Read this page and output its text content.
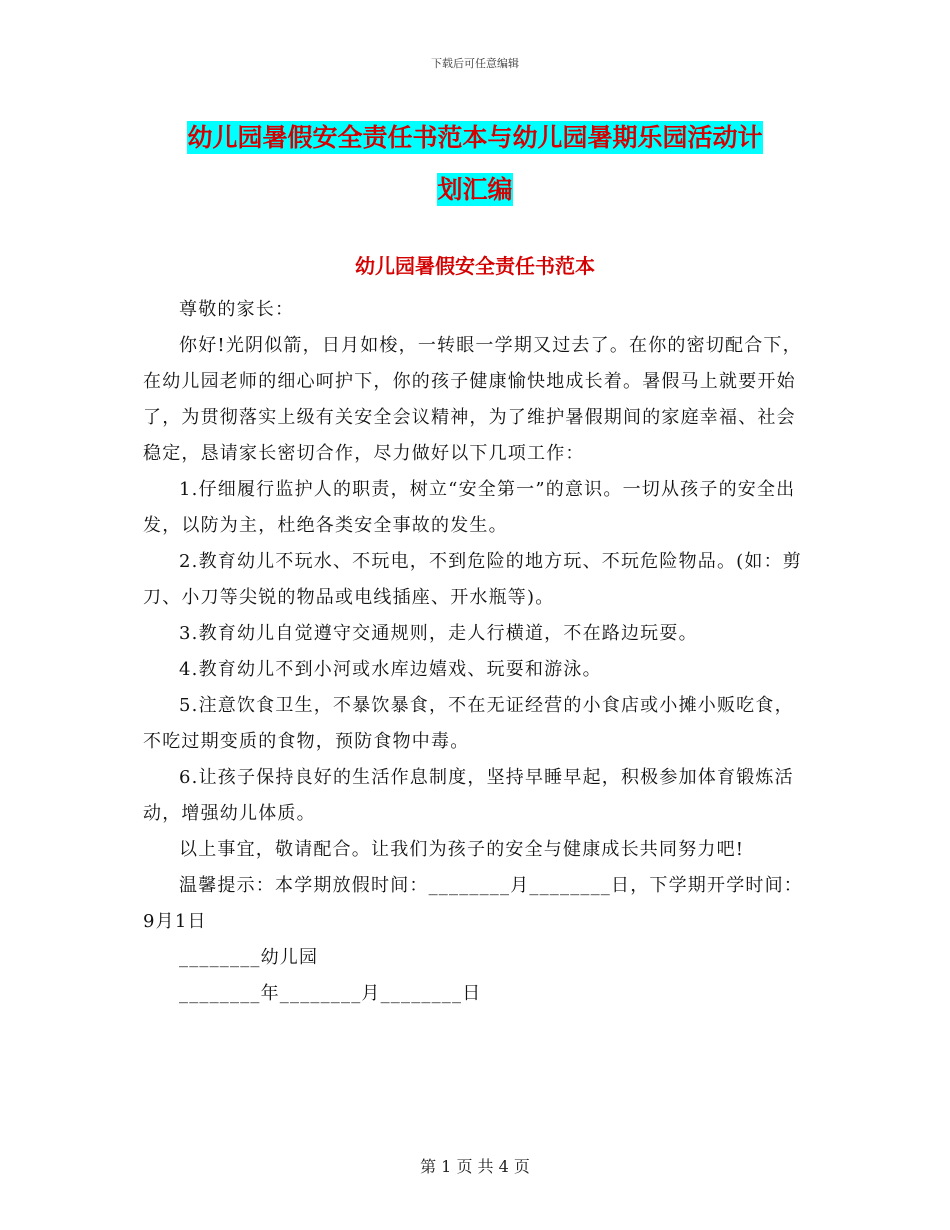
下载后可任意编辑
幼儿园暑假安全责任书范本与幼儿园暑期乐园活动计
划汇编
幼儿园暑假安全责任书范本

尊敬的家长：

你好!光阴似箭，日月如梭，一转眼一学期又过去了。在你的密切配合下，在幼儿园老师的细心呵护下，你的孩子健康愉快地成长着。暑假马上就要开始了，为贯彻落实上级有关安全会议精神，为了维护暑假期间的家庭幸福、社会稳定，恳请家长密切合作，尽力做好以下几项工作：

1.仔细履行监护人的职责，树立“安全第一”的意识。一切从孩子的安全出发，以防为主，杜绝各类安全事故的发生。

2.教育幼儿不玩水、不玩电，不到危险的地方玩、不玩危险物品。(如：剪刀、小刀等尖锐的物品或电线插座、开水瓶等)。

3.教育幼儿自觉遵守交通规则，走人行横道，不在路边玩耍。

4.教育幼儿不到小河或水库边嬉戏、玩耍和游泳。

5.注意饮食卫生，不暴饮暴食，不在无证经营的小食店或小摊小贩吃食，不吃过期变质的食物，预防食物中毒。

6.让孩子保持良好的生活作息制度，坚持早睡早起，积极参加体育锻炼活动，增强幼儿体质。

以上事宜，敬请配合。让我们为孩子的安全与健康成长共同努力吧!

温馨提示：本学期放假时间：________月________日，下学期开学时间：9月1日

________幼儿园

________年________月________日

第 1 页 共 4 页
